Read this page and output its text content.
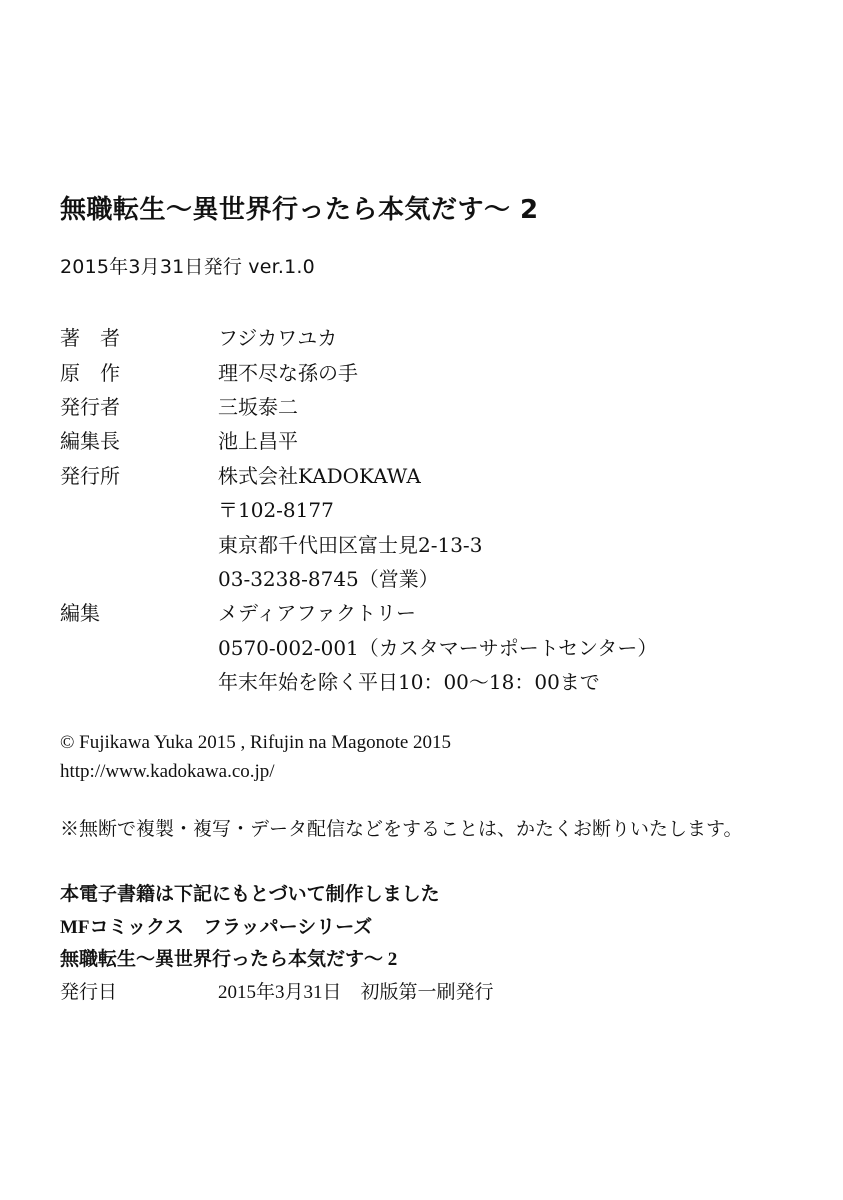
無職転生〜異世界行ったら本気だす〜 2
2015年3月31日発行 ver.1.0
著　者	フジカワユカ
原　作	理不尽な孫の手
発行者	三坂泰二
編集長	池上昌平
発行所	株式会社KADOKAWA
	〒102-8177
	東京都千代田区富士見2-13-3
	03-3238-8745（営業）
編集	メディアファクトリー
	0570-002-001（カスタマーサポートセンター）
	年末年始を除く平日10：00〜18：00まで
© Fujikawa Yuka 2015 , Rifujin na Magonote 2015
http://www.kadokawa.co.jp/
※無断で複製・複写・データ配信などをすることは、かたくお断りいたします。
本電子書籍は下記にもとづいて制作しました
MFコミックス　フラッパーシリーズ
無職転生〜異世界行ったら本気だす〜 2
発行日	2015年3月31日　初版第一刷発行
